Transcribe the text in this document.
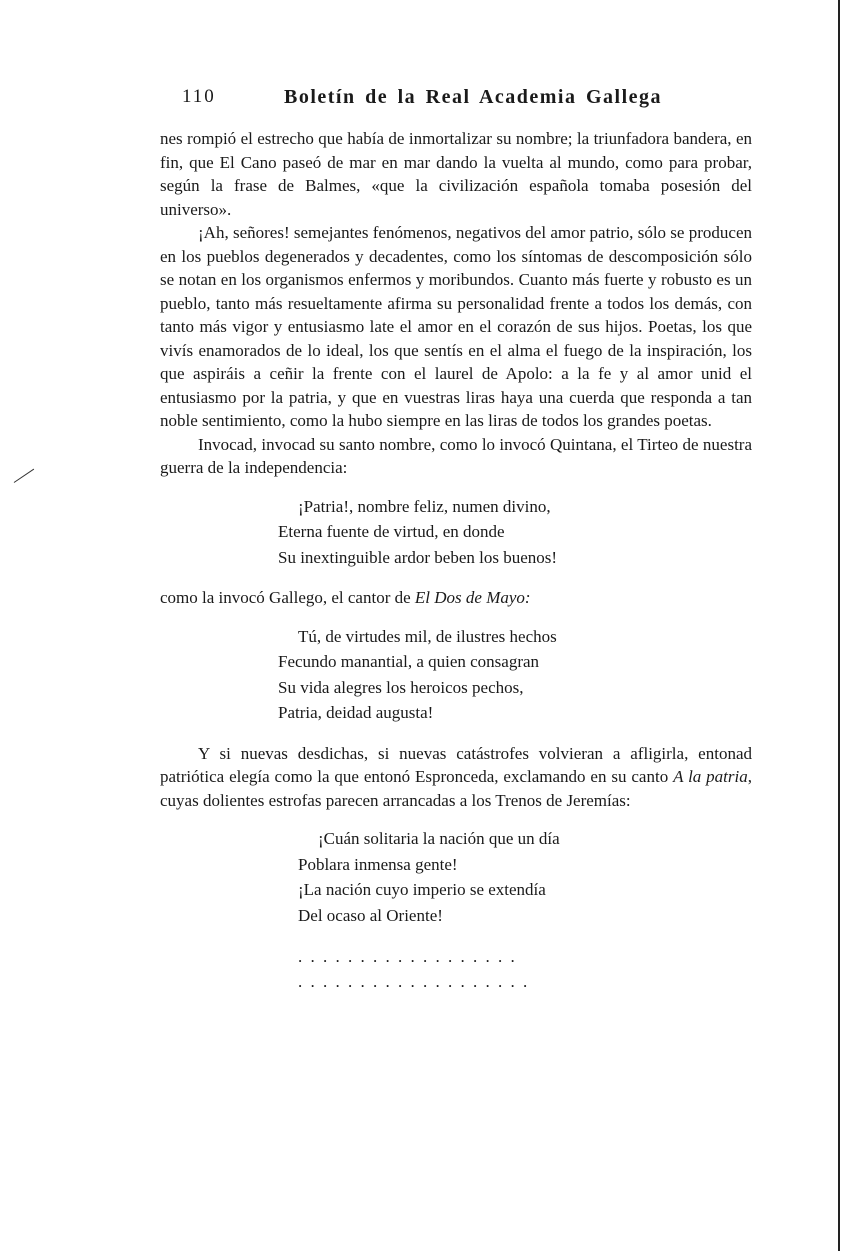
110	Boletín de la Real Academia Gallega

nes rompió el estrecho que había de inmortalizar su nombre; la triunfadora bandera, en fin, que El Cano paseó de mar en mar dando la vuelta al mundo, como para probar, según la frase de Balmes, «que la civilización española tomaba posesión del universo».

¡Ah, señores! semejantes fenómenos, negativos del amor patrio, sólo se producen en los pueblos degenerados y decadentes, como los síntomas de descomposición sólo se notan en los organismos enfermos y moribundos. Cuanto más fuerte y robusto es un pueblo, tanto más resueltamente afirma su personalidad frente a todos los demás, con tanto más vigor y entusiasmo late el amor en el corazón de sus hijos. Poetas, los que vivís enamorados de lo ideal, los que sentís en el alma el fuego de la inspiración, los que aspiráis a ceñir la frente con el laurel de Apolo: a la fe y al amor unid el entusiasmo por la patria, y que en vuestras liras haya una cuerda que responda a tan noble sentimiento, como la hubo siempre en las liras de todos los grandes poetas.

Invocad, invocad su santo nombre, como lo invocó Quintana, el Tirteo de nuestra guerra de la independencia:

¡Patria!, nombre feliz, numen divino,
Eterna fuente de virtud, en donde
Su inextinguible ardor beben los buenos!

como la invocó Gallego, el cantor de El Dos de Mayo:

Tú, de virtudes mil, de ilustres hechos
Fecundo manantial, a quien consagran
Su vida alegres los heroicos pechos,
Patria, deidad augusta!

Y si nuevas desdichas, si nuevas catástrofes volvieran a afligirla, entonad patriótica elegía como la que entonó Espronceda, exclamando en su canto A la patria, cuyas dolientes estrofas parecen arrancadas a los Trenos de Jeremías:

¡Cuán solitaria la nación que un día
Poblara inmensa gente!
¡La nación cuyo imperio se extendía
Del ocaso al Oriente!
. . . . . . . . . . . . . . . . . .
. . . . . . . . . . . . . . . . . . .
